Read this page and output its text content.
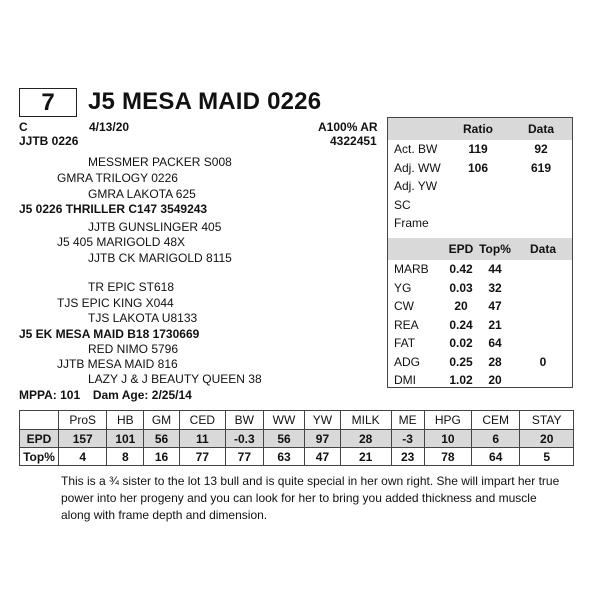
7	J5 MESA MAID 0226
C	4/13/20	A100% AR
JJTB 0226	4322451
MESSMER PACKER S008
GMRA TRILOGY 0226
GMRA LAKOTA 625
J5 0226 THRILLER C147 3549243
JJTB GUNSLINGER 405
J5 405 MARIGOLD 48X
JJTB CK MARIGOLD 8115
TR EPIC ST618
TJS EPIC KING X044
TJS LAKOTA U8133
J5 EK MESA MAID B18 1730669
RED NIMO 5796
JJTB MESA MAID 816
LAZY J & J BEAUTY QUEEN 38
MPPA: 101 Dam Age: 2/25/14
	Ratio	Data
Act. BW	119	92
Adj. WW	106	619
Adj. YW		
SC		
Frame		
	EPD	Top%	Data
MARB	0.42	44	
YG	0.03	32	
CW	20	47	
REA	0.24	21	
FAT	0.02	64	
ADG	0.25	28	0
DMI	1.02	20	
	ProS	HB	GM	CED	BW	WW	YW	MILK	ME	HPG	CEM	STAY
EPD	157	101	56	11	-0.3	56	97	28	-3	10	6	20
Top%	4	8	16	77	77	63	47	21	23	78	64	5
This is a ¾ sister to the lot 13 bull and is quite special in her own right. She will impart her true power into her progeny and you can look for her to bring you added thickness and muscle along with frame depth and dimension.
